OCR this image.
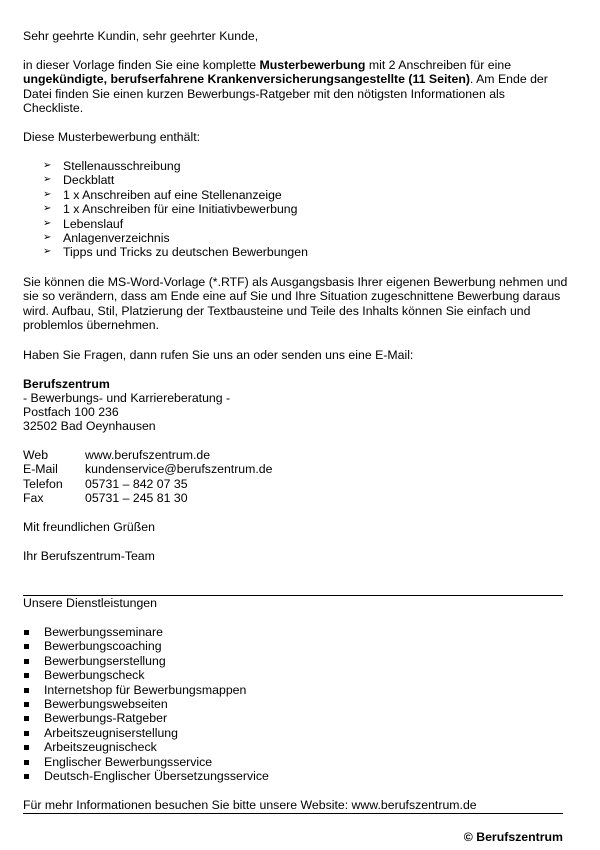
Sehr geehrte Kundin, sehr geehrter Kunde,

in dieser Vorlage finden Sie eine komplette Musterbewerbung mit 2 Anschreiben für eine ungekündigte, berufserfahrene Krankenversicherungsangestellte (11 Seiten). Am Ende der Datei finden Sie einen kurzen Bewerbungs-Ratgeber mit den nötigsten Informationen als Checkliste.

Diese Musterbewerbung enthält:

➢ Stellenausschreibung
➢ Deckblatt
➢ 1 x Anschreiben auf eine Stellenanzeige
➢ 1 x Anschreiben für eine Initiativbewerbung
➢ Lebenslauf
➢ Anlagenverzeichnis
➢ Tipps und Tricks zu deutschen Bewerbungen

Sie können die MS-Word-Vorlage (*.RTF) als Ausgangsbasis Ihrer eigenen Bewerbung nehmen und sie so verändern, dass am Ende eine auf Sie und Ihre Situation zugeschnittene Bewerbung daraus wird. Aufbau, Stil, Platzierung der Textbausteine und Teile des Inhalts können Sie einfach und problemlos übernehmen.

Haben Sie Fragen, dann rufen Sie uns an oder senden uns eine E-Mail:

Berufszentrum

- Bewerbungs- und Karriereberatung -

Postfach 100 236

32502 Bad Oeynhausen

Web	www.berufszentrum.de
E-Mail kundenservice@berufszentrum.de
Telefon 05731 – 842 07 35
Fax	05731 – 245 81 30

Mit freundlichen Grüßen

Ihr Berufszentrum-Team

Unsere Dienstleistungen

Bewerbungsseminare
Bewerbungscoaching
Bewerbungserstellung
Bewerbungscheck
Internetshop für Bewerbungsmappen
Bewerbungswebseiten
Bewerbungs-Ratgeber
Arbeitszeugniserstellung
Arbeitszeugnischeck
Englischer Bewerbungsservice
Deutsch-Englischer Übersetzungsservice

Für mehr Informationen besuchen Sie bitte unsere Website: www.berufszentrum.de

© Berufszentrum
